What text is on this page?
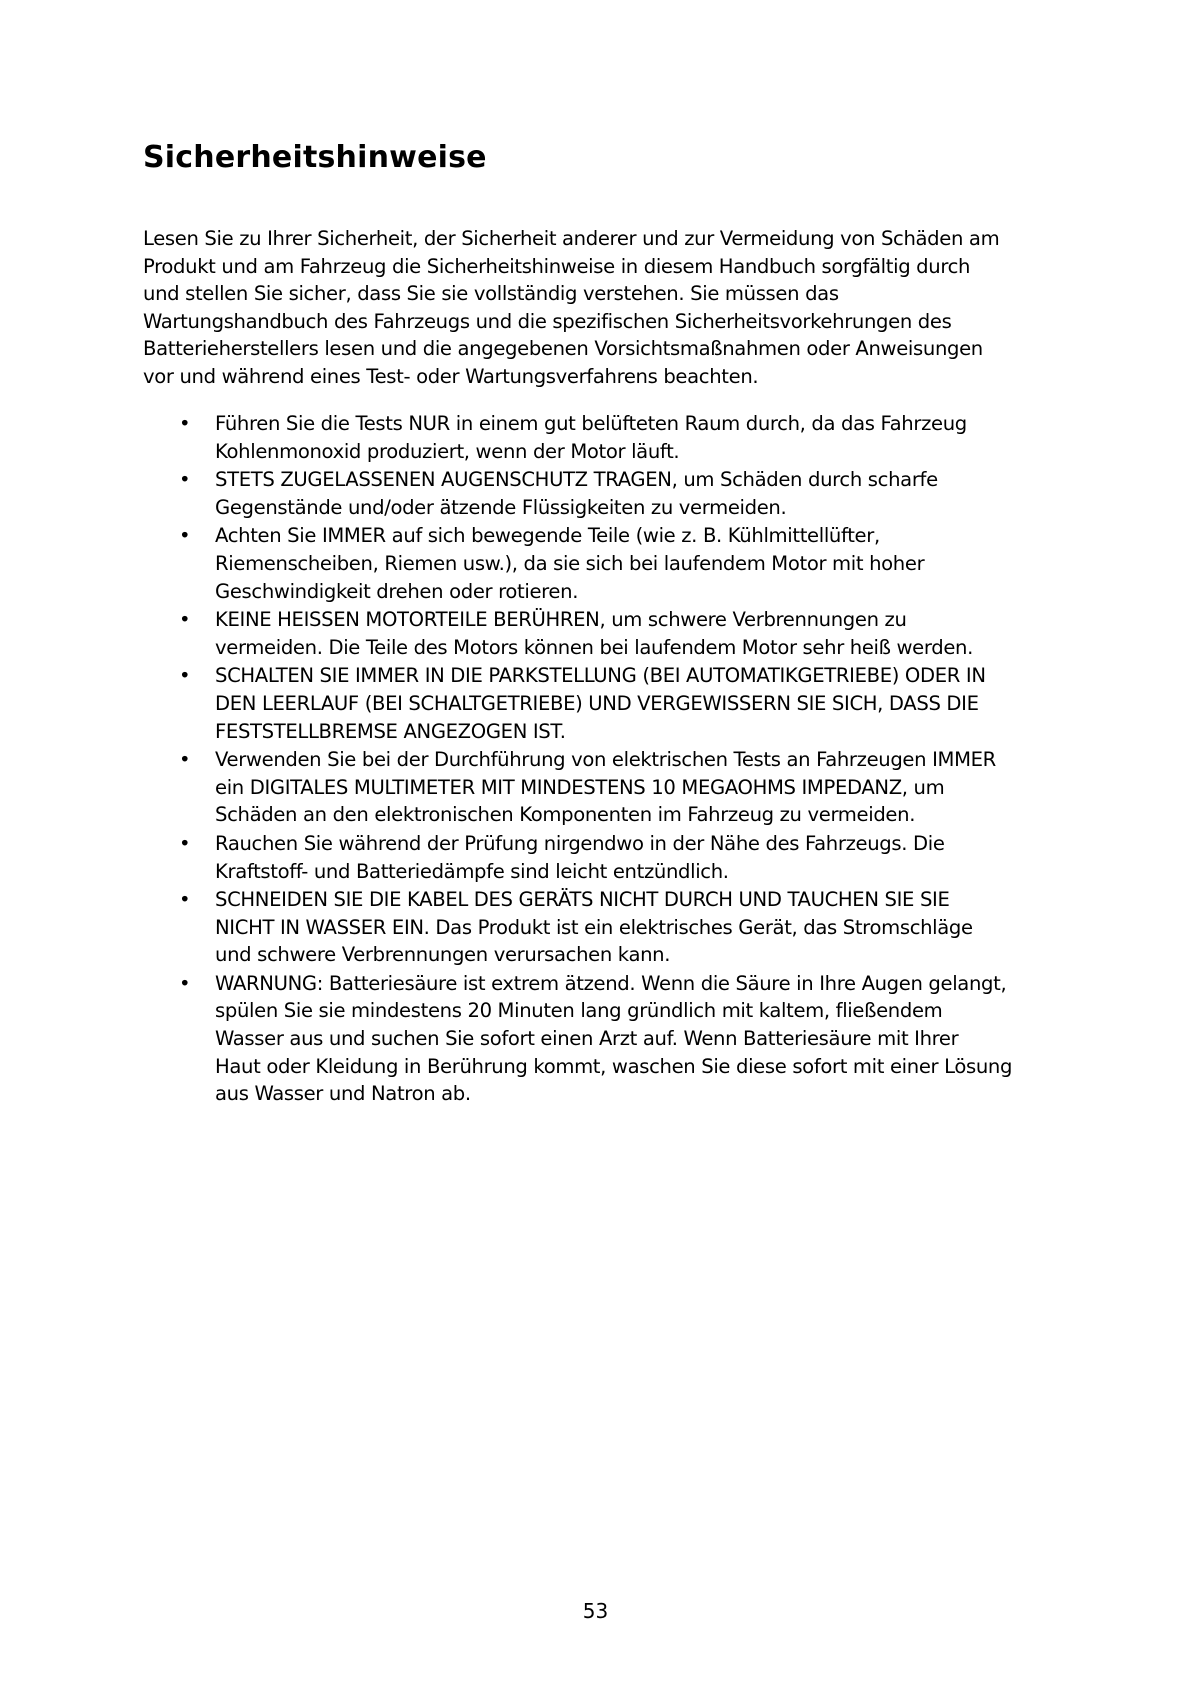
Sicherheitshinweise

Lesen Sie zu Ihrer Sicherheit, der Sicherheit anderer und zur Vermeidung von Schäden am
Produkt und am Fahrzeug die Sicherheitshinweise in diesem Handbuch sorgfältig durch
und stellen Sie sicher, dass Sie sie vollständig verstehen. Sie müssen das
Wartungshandbuch des Fahrzeugs und die spezifischen Sicherheitsvorkehrungen des
Batterieherstellers lesen und die angegebenen Vorsichtsmaßnahmen oder Anweisungen
vor und während eines Test- oder Wartungsverfahrens beachten.

• Führen Sie die Tests NUR in einem gut belüfteten Raum durch, da das Fahrzeug
Kohlenmonoxid produziert, wenn der Motor läuft.
• STETS ZUGELASSENEN AUGENSCHUTZ TRAGEN, um Schäden durch scharfe
Gegenstände und/oder ätzende Flüssigkeiten zu vermeiden.
• Achten Sie IMMER auf sich bewegende Teile (wie z. B. Kühlmittellüfter,
Riemenscheiben, Riemen usw.), da sie sich bei laufendem Motor mit hoher
Geschwindigkeit drehen oder rotieren.
• KEINE HEISSEN MOTORTEILE BERÜHREN, um schwere Verbrennungen zu
vermeiden. Die Teile des Motors können bei laufendem Motor sehr heiß werden.
• SCHALTEN SIE IMMER IN DIE PARKSTELLUNG (BEI AUTOMATIKGETRIEBE) ODER IN
DEN LEERLAUF (BEI SCHALTGETRIEBE) UND VERGEWISSERN SIE SICH, DASS DIE
FESTSTELLBREMSE ANGEZOGEN IST.
• Verwenden Sie bei der Durchführung von elektrischen Tests an Fahrzeugen IMMER
ein DIGITALES MULTIMETER MIT MINDESTENS 10 MEGAOHMS IMPEDANZ, um
Schäden an den elektronischen Komponenten im Fahrzeug zu vermeiden.
• Rauchen Sie während der Prüfung nirgendwo in der Nähe des Fahrzeugs. Die
Kraftstoff- und Batteriedämpfe sind leicht entzündlich.
• SCHNEIDEN SIE DIE KABEL DES GERÄTS NICHT DURCH UND TAUCHEN SIE SIE
NICHT IN WASSER EIN. Das Produkt ist ein elektrisches Gerät, das Stromschläge
und schwere Verbrennungen verursachen kann.
• WARNUNG: Batteriesäure ist extrem ätzend. Wenn die Säure in Ihre Augen gelangt,
spülen Sie sie mindestens 20 Minuten lang gründlich mit kaltem, fließendem
Wasser aus und suchen Sie sofort einen Arzt auf. Wenn Batteriesäure mit Ihrer
Haut oder Kleidung in Berührung kommt, waschen Sie diese sofort mit einer Lösung
aus Wasser und Natron ab.
53
